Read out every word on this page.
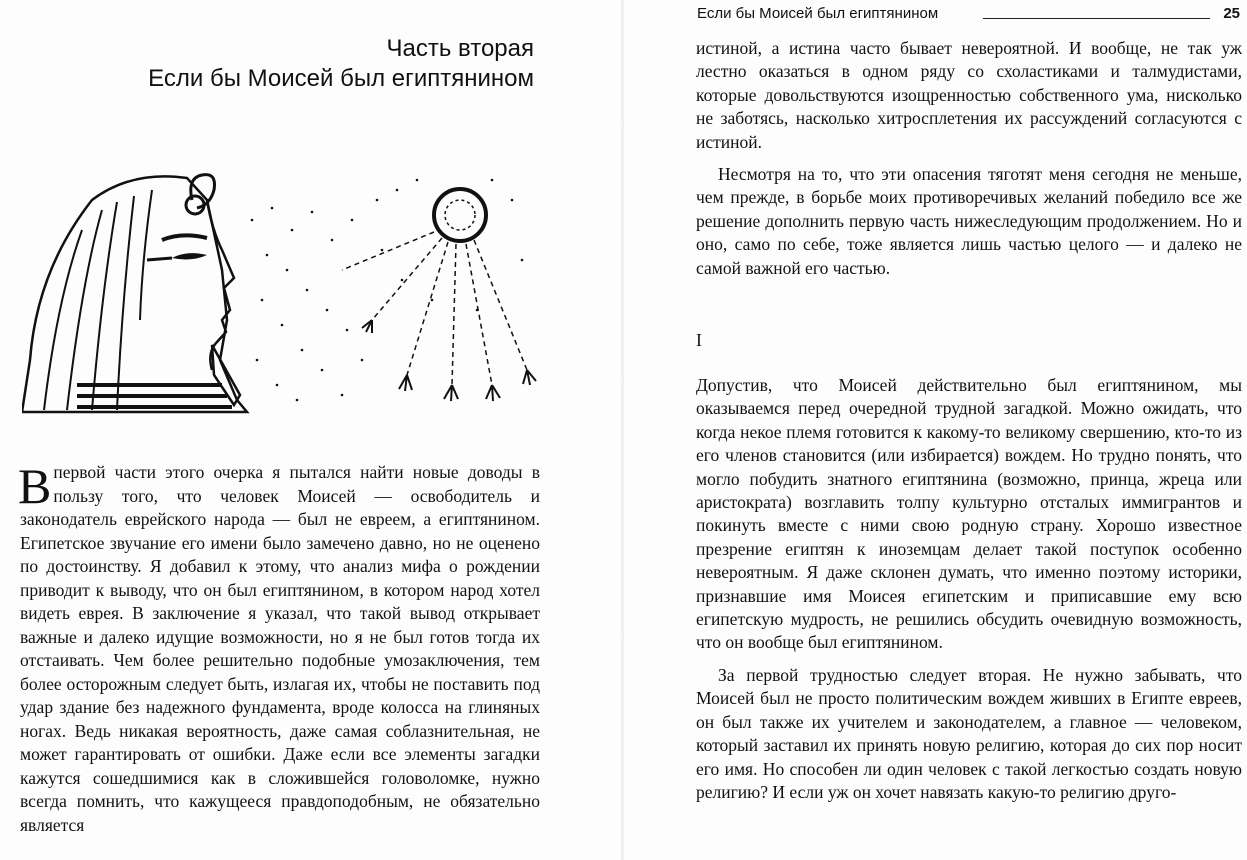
Часть вторая
Если бы Моисей был египтянином

Впервой части этого очерка я пытался найти новые доводы в пользу того, что человек Моисей — освободитель и законодатель еврейского народа — был не евреем, а египтянином. Египетское звучание его имени было замечено давно, но не оценено по достоинству. Я добавил к этому, что анализ мифа о рождении приводит к выводу, что он был египтянином, в котором народ хотел видеть еврея. В заключение я указал, что такой вывод открывает важные и далеко идущие возможности, но я не был готов тогда их отстаивать. Чем более решительно подобные умозаключения, тем более осторожным следует быть, излагая их, чтобы не поставить под удар здание без надежного фундамента, вроде колосса на глиняных ногах. Ведь никакая вероятность, даже самая соблазнительная, не может гарантировать от ошибки. Даже если все элементы загадки кажутся сошедшимися как в сложившейся головоломке, нужно всегда помнить, что кажущееся правдоподобным, не обязательно является

Если бы Моисей был египтянином	25

истиной, а истина часто бывает невероятной. И вообще, не так уж лестно оказаться в одном ряду со схоластиками и талмудистами, которые довольствуются изощренностью собственного ума, нисколько не заботясь, насколько хитросплетения их рассуждений согласуются с истиной.

Несмотря на то, что эти опасения тяготят меня сегодня не меньше, чем прежде, в борьбе моих противоречивых желаний победило все же решение дополнить первую часть нижеследующим продолжением. Но и оно, само по себе, тоже является лишь частью целого — и далеко не самой важной его частью.

I

Допустив, что Моисей действительно был египтянином, мы оказываемся перед очередной трудной загадкой. Можно ожидать, что когда некое племя готовится к какому-то великому свершению, кто-то из его членов становится (или избирается) вождем. Но трудно понять, что могло побудить знатного египтянина (возможно, принца, жреца или аристократа) возглавить толпу культурно отсталых иммигрантов и покинуть вместе с ними свою родную страну. Хорошо известное презрение египтян к иноземцам делает такой поступок особенно невероятным. Я даже склонен думать, что именно поэтому историки, признавшие имя Моисея египетским и приписавшие ему всю египетскую мудрость, не решились обсудить очевидную возможность, что он вообще был египтянином.

За первой трудностью следует вторая. Не нужно забывать, что Моисей был не просто политическим вождем живших в Египте евреев, он был также их учителем и законодателем, а главное — человеком, который заставил их принять новую религию, которая до сих пор носит его имя. Но способен ли один человек с такой легкостью создать новую религию? И если уж он хочет навязать какую-то религию друго-
